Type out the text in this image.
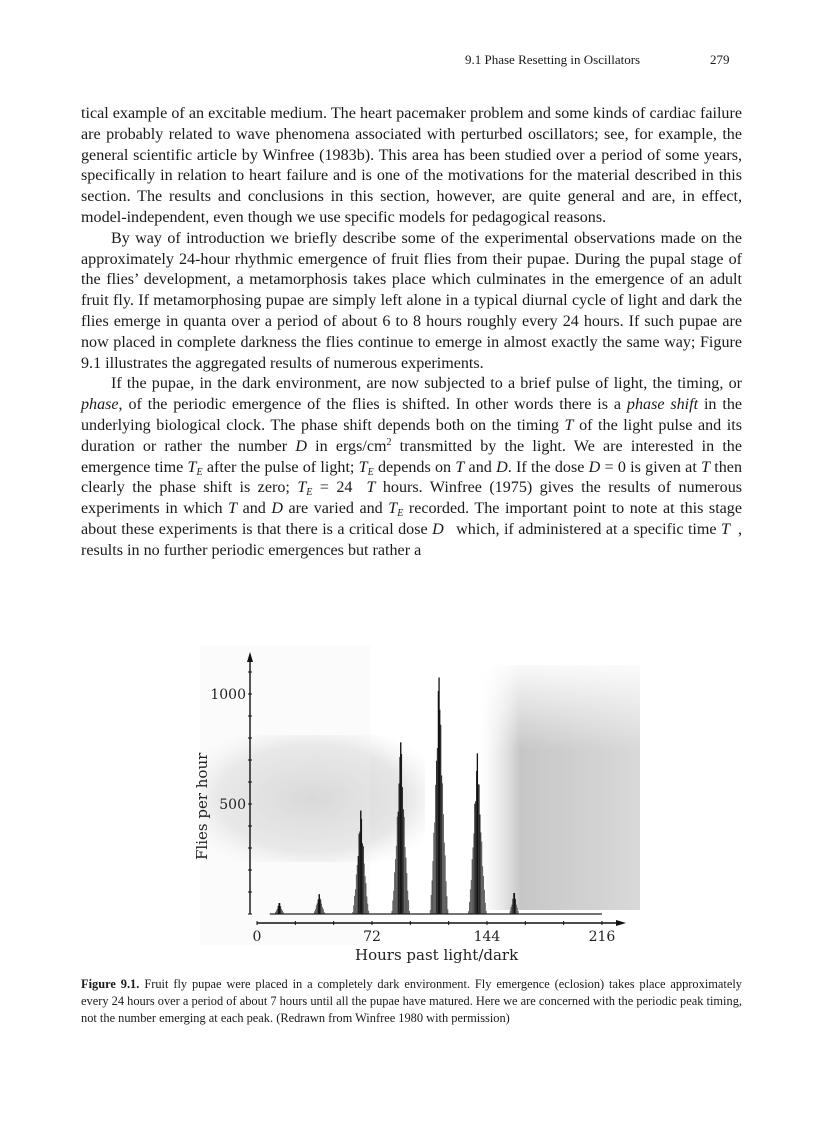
9.1 Phase Resetting in Oscillators	279

tical example of an excitable medium. The heart pacemaker problem and some kinds of cardiac failure are probably related to wave phenomena associated with perturbed oscillators; see, for example, the general scientific article by Winfree (1983b). This area has been studied over a period of some years, specifically in relation to heart failure and is one of the motivations for the material described in this section. The results and conclusions in this section, however, are quite general and are, in effect, model-independent, even though we use specific models for pedagogical reasons.

By way of introduction we briefly describe some of the experimental observations made on the approximately 24-hour rhythmic emergence of fruit flies from their pupae. During the pupal stage of the flies’ development, a metamorphosis takes place which culminates in the emergence of an adult fruit fly. If metamorphosing pupae are simply left alone in a typical diurnal cycle of light and dark the flies emerge in quanta over a period of about 6 to 8 hours roughly every 24 hours. If such pupae are now placed in complete darkness the flies continue to emerge in almost exactly the same way; Figure 9.1 illustrates the aggregated results of numerous experiments.

If the pupae, in the dark environment, are now subjected to a brief pulse of light, the timing, or phase, of the periodic emergence of the flies is shifted. In other words there is a phase shift in the underlying biological clock. The phase shift depends both on the timing T of the light pulse and its duration or rather the number D in ergs/$cm^2$ transmitted by the light. We are interested in the emergence time $T_E$ after the pulse of light; $T_E$ depends on T and D. If the dose D = 0 is given at T then clearly the phase shift is zero; $T_E = 24$ T hours. Winfree (1975) gives the results of numerous experiments in which T and D are varied and $T_E$ recorded. The important point to note at this stage about these experiments is that there is a critical dose D which, if administered at a specific time T , results in no further periodic emergences but rather a

500
1000
0	72	144	216
Flies per hour
Hours past light/dark
Figure 9.1. Fruit fly pupae were placed in a completely dark environment. Fly emergence (eclosion) takes place approximately every 24 hours over a period of about 7 hours until all the pupae have matured. Here we are concerned with the periodic peak timing, not the number emerging at each peak. (Redrawn from Winfree 1980 with permission)
